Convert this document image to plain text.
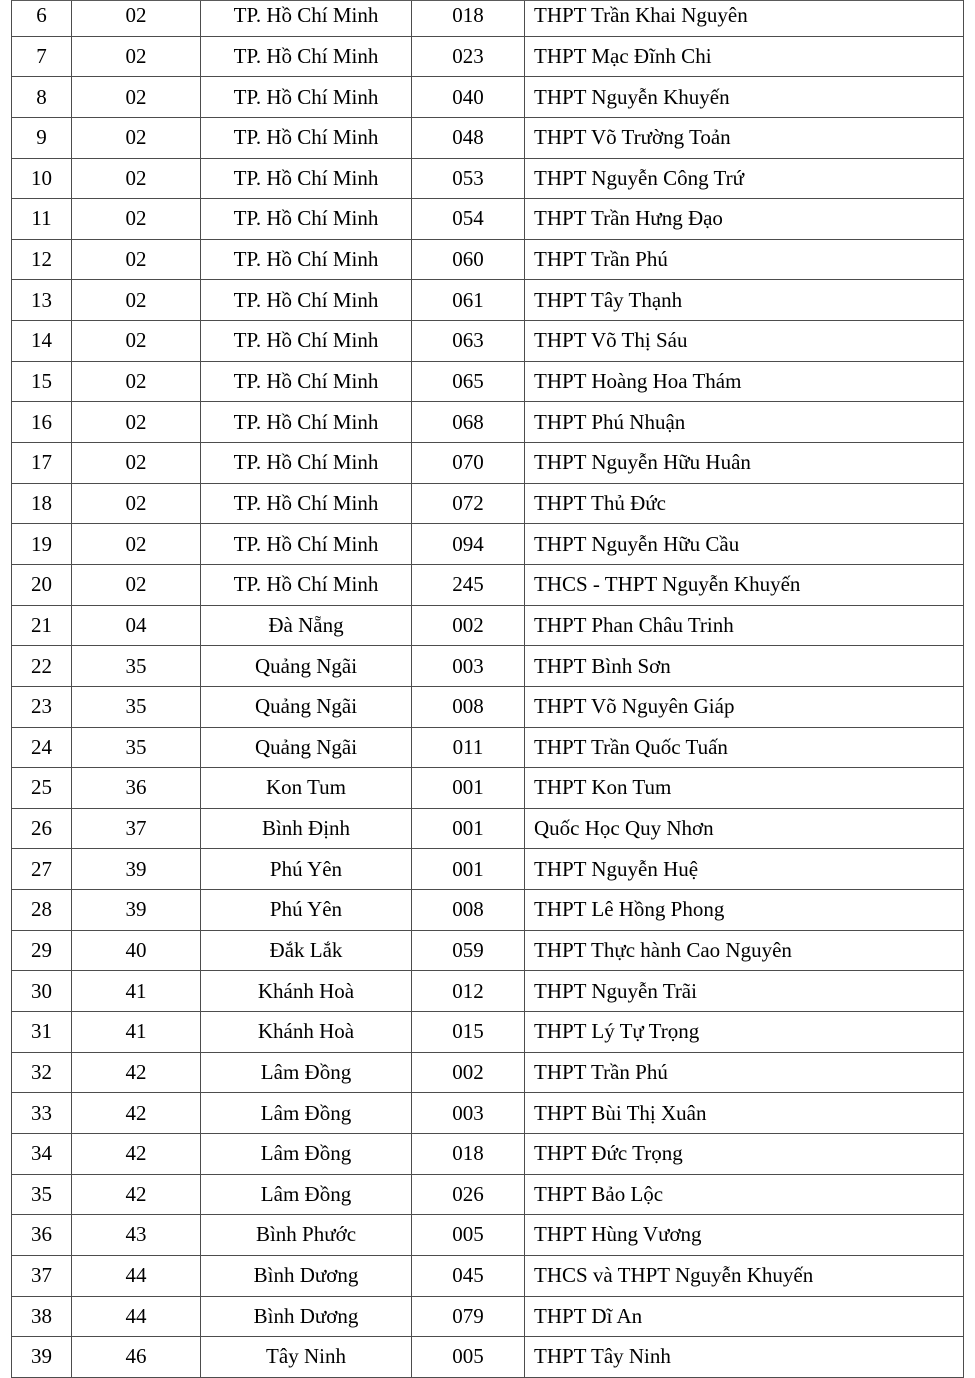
6	02	TP. Hồ Chí Minh	018	THPT Trần Khai Nguyên
7	02	TP. Hồ Chí Minh	023	THPT Mạc Đĩnh Chi
8	02	TP. Hồ Chí Minh	040	THPT Nguyễn Khuyến
9	02	TP. Hồ Chí Minh	048	THPT Võ Trường Toản
10	02	TP. Hồ Chí Minh	053	THPT Nguyễn Công Trứ
11	02	TP. Hồ Chí Minh	054	THPT Trần Hưng Đạo
12	02	TP. Hồ Chí Minh	060	THPT Trần Phú
13	02	TP. Hồ Chí Minh	061	THPT Tây Thạnh
14	02	TP. Hồ Chí Minh	063	THPT Võ Thị Sáu
15	02	TP. Hồ Chí Minh	065	THPT Hoàng Hoa Thám
16	02	TP. Hồ Chí Minh	068	THPT Phú Nhuận
17	02	TP. Hồ Chí Minh	070	THPT Nguyễn Hữu Huân
18	02	TP. Hồ Chí Minh	072	THPT Thủ Đức
19	02	TP. Hồ Chí Minh	094	THPT Nguyễn Hữu Cầu
20	02	TP. Hồ Chí Minh	245	THCS - THPT Nguyễn Khuyến
21	04	Đà Nẵng	002	THPT Phan Châu Trinh
22	35	Quảng Ngãi	003	THPT Bình Sơn
23	35	Quảng Ngãi	008	THPT Võ Nguyên Giáp
24	35	Quảng Ngãi	011	THPT Trần Quốc Tuấn
25	36	Kon Tum	001	THPT Kon Tum
26	37	Bình Định	001	Quốc Học Quy Nhơn
27	39	Phú Yên	001	THPT Nguyễn Huệ
28	39	Phú Yên	008	THPT Lê Hồng Phong
29	40	Đắk Lắk	059	THPT Thực hành Cao Nguyên
30	41	Khánh Hoà	012	THPT Nguyễn Trãi
31	41	Khánh Hoà	015	THPT Lý Tự Trọng
32	42	Lâm Đồng	002	THPT Trần Phú
33	42	Lâm Đồng	003	THPT Bùi Thị Xuân
34	42	Lâm Đồng	018	THPT Đức Trọng
35	42	Lâm Đồng	026	THPT Bảo Lộc
36	43	Bình Phước	005	THPT Hùng Vương
37	44	Bình Dương	045	THCS và THPT Nguyễn Khuyến
38	44	Bình Dương	079	THPT Dĩ An
39	46	Tây Ninh	005	THPT Tây Ninh
